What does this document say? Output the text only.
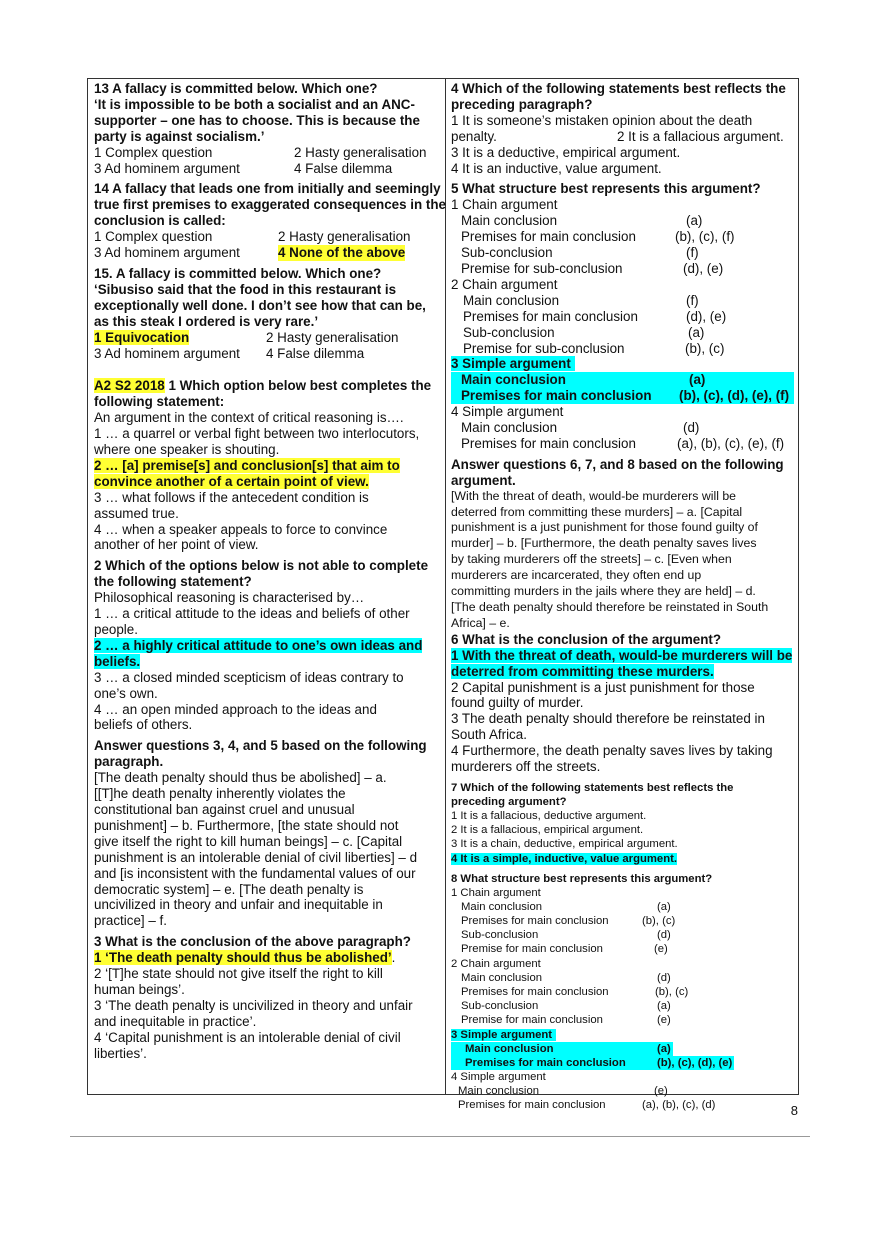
13 A fallacy is committed below. Which one?
‘It is impossible to be both a socialist and an ANC-
supporter – one has to choose. This is because the
party is against socialism.’
1 Complex question	2 Hasty generalisation
3 Ad hominem argument	4 False dilemma
14 A fallacy that leads one from initially and seemingly
true first premises to exaggerated consequences in the
conclusion is called:
1 Complex question	2 Hasty generalisation
3 Ad hominem argument	4 None of the above
15. A fallacy is committed below. Which one?
‘Sibusiso said that the food in this restaurant is
exceptionally well done. I don’t see how that can be,
as this steak I ordered is very rare.’
1 Equivocation	2 Hasty generalisation
3 Ad hominem argument	4 False dilemma
A2 S2 2018 1 Which option below best completes the
following statement:
An argument in the context of critical reasoning is….
1 … a quarrel or verbal fight between two interlocutors,
where one speaker is shouting.
2 … [a] premise[s] and conclusion[s] that aim to
convince another of a certain point of view.
3 … what follows if the antecedent condition is
assumed true.
4 … when a speaker appeals to force to convince
another of her point of view.
2 Which of the options below is not able to complete
the following statement?
Philosophical reasoning is characterised by…
1 … a critical attitude to the ideas and beliefs of other
people.
2 … a highly critical attitude to one’s own ideas and
beliefs.
3 … a closed minded scepticism of ideas contrary to
one’s own.
4 … an open minded approach to the ideas and
beliefs of others.
Answer questions 3, 4, and 5 based on the following
paragraph.
[The death penalty should thus be abolished] – a.
[[T]he death penalty inherently violates the
constitutional ban against cruel and unusual
punishment] – b. Furthermore, [the state should not
give itself the right to kill human beings] – c. [Capital
punishment is an intolerable denial of civil liberties] – d
and [is inconsistent with the fundamental values of our
democratic system] – e. [The death penalty is
uncivilized in theory and unfair and inequitable in
practice] – f.
3 What is the conclusion of the above paragraph?
1 ‘The death penalty should thus be abolished’.
2 ‘[T]he state should not give itself the right to kill
human beings’.
3 ‘The death penalty is uncivilized in theory and unfair
and inequitable in practice’.
4 ‘Capital punishment is an intolerable denial of civil
liberties’.
4 Which of the following statements best reflects the
preceding paragraph?
1 It is someone’s mistaken opinion about the death
penalty.	2 It is a fallacious argument.
3 It is a deductive, empirical argument.
4 It is an inductive, value argument.
5 What structure best represents this argument?
1 Chain argument
Main conclusion	(a)
Premises for main conclusion	(b), (c), (f)
Sub-conclusion	(f)
Premise for sub-conclusion	(d), (e)
2 Chain argument
Main conclusion	(f)
Premises for main conclusion	(d), (e)
Sub-conclusion	(a)
Premise for sub-conclusion	(b), (c)
3 Simple argument
Main conclusion	(a)
Premises for main conclusion	(b), (c), (d), (e), (f)
4 Simple argument
Main conclusion	(d)
Premises for main conclusion	(a), (b), (c), (e), (f)
Answer questions 6, 7, and 8 based on the following
argument.
[With the threat of death, would-be murderers will be
deterred from committing these murders] – a. [Capital
punishment is a just punishment for those found guilty of
murder] – b. [Furthermore, the death penalty saves lives
by taking murderers off the streets] – c. [Even when
murderers are incarcerated, they often end up
committing murders in the jails where they are held] – d.
[The death penalty should therefore be reinstated in South
Africa] – e.
6 What is the conclusion of the argument?
1 With the threat of death, would-be murderers will be
deterred from committing these murders.
2 Capital punishment is a just punishment for those
found guilty of murder.
3 The death penalty should therefore be reinstated in
South Africa.
4 Furthermore, the death penalty saves lives by taking
murderers off the streets.
7 Which of the following statements best reflects the
preceding argument?
1 It is a fallacious, deductive argument.
2 It is a fallacious, empirical argument.
3 It is a chain, deductive, empirical argument.
4 It is a simple, inductive, value argument.
8 What structure best represents this argument?
1 Chain argument
Main conclusion	(a)
Premises for main conclusion	(b), (c)
Sub-conclusion	(d)
Premise for main conclusion	(e)
2 Chain argument
Main conclusion	(d)
Premises for main conclusion	(b), (c)
Sub-conclusion	(a)
Premise for main conclusion	(e)
3 Simple argument
Main conclusion	(a)
Premises for main conclusion	(b), (c), (d), (e)
4 Simple argument
Main conclusion	(e)
Premises for main conclusion	(a), (b), (c), (d)	8
